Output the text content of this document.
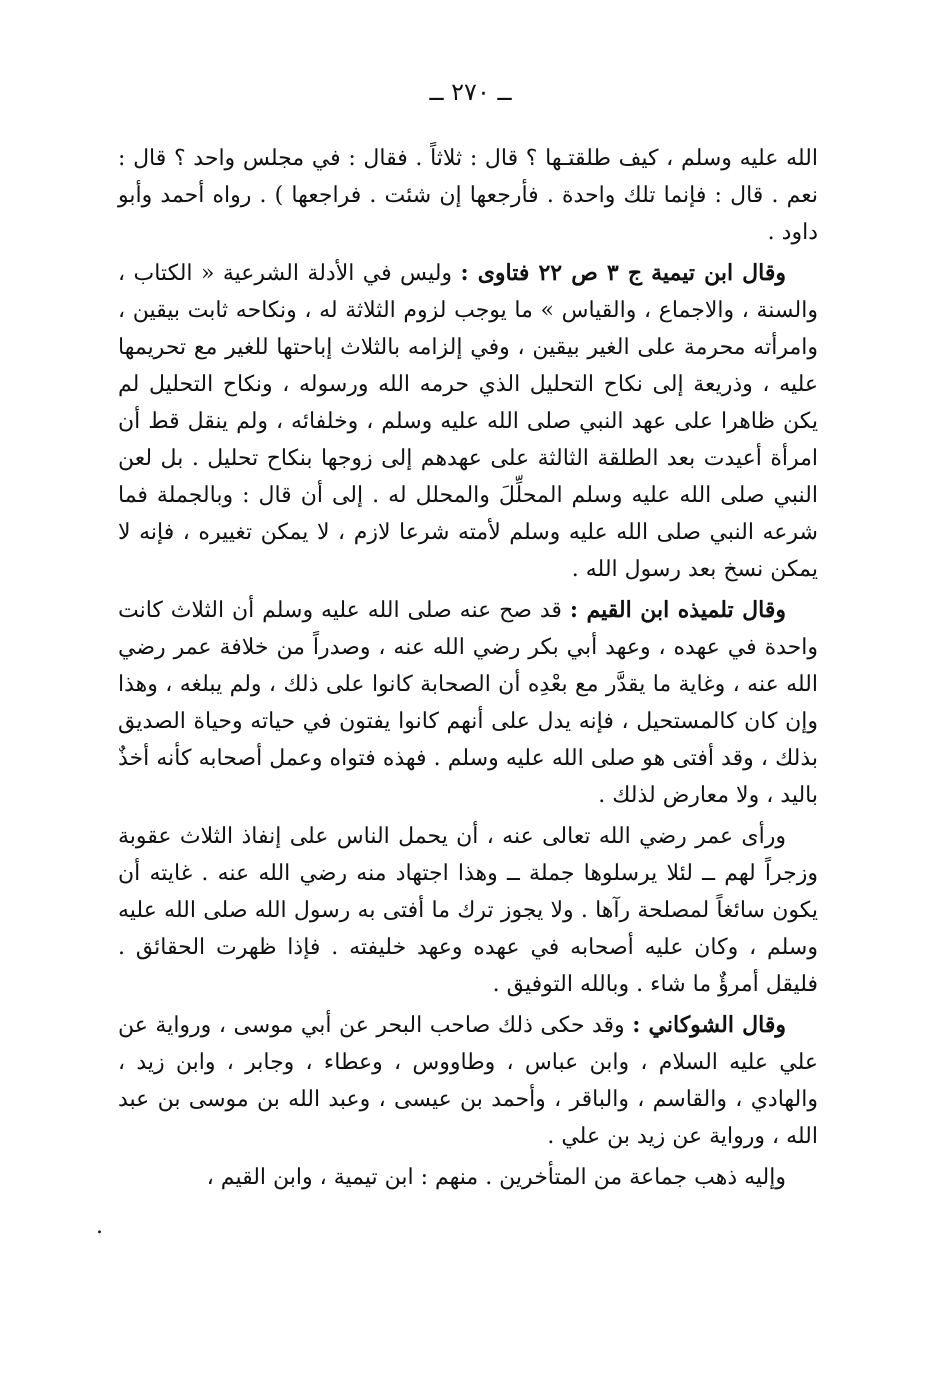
ــ ٢٧٠ ــ

الله عليه وسلم ، كيف طلقتـها ؟ قال : ثلاثاً . فقال : في مجلس واحد ؟ قال : نعم . قال : فإنما تلك واحدة . فأرجعها إن شئت . فراجعها ) . رواه أحمد وأبو داود .

وقال ابن تيمية ج ٣ ص ٢٢ فتاوى : وليس في الأدلة الشرعية « الكتاب ، والسنة ، والاجماع ، والقياس » ما يوجب لزوم الثلاثة له ، ونكاحه ثابت بيقين ، وامرأته محرمة على الغير بيقين ، وفي إلزامه بالثلاث إباحتها للغير مع تحريمها عليه ، وذريعة إلى نكاح التحليل الذي حرمه الله ورسوله ، ونكاح التحليل لم يكن ظاهرا على عهد النبي صلى الله عليه وسلم ، وخلفائه ، ولم ينقل قط أن امرأة أعيدت بعد الطلقة الثالثة على عهدهم إلى زوجها بنكاح تحليل . بل لعن النبي صلى الله عليه وسلم المحلِّلَ والمحلل له . إلى أن قال : وبالجملة فما شرعه النبي صلى الله عليه وسلم لأمته شرعا لازم ، لا يمكن تغييره ، فإنه لا يمكن نسخ بعد رسول الله .

وقال تلميذه ابن القيم : قد صح عنه صلى الله عليه وسلم أن الثلاث كانت واحدة في عهده ، وعهد أبي بكر رضي الله عنه ، وصدراً من خلافة عمر رضي الله عنه ، وغاية ما يقدَّر مع بعْدِه أن الصحابة كانوا على ذلك ، ولم يبلغه ، وهذا وإن كان كالمستحيل ، فإنه يدل على أنهم كانوا يفتون في حياته وحياة الصديق بذلك ، وقد أفتى هو صلى الله عليه وسلم . فهذه فتواه وعمل أصحابه كأنه أخذٌ باليد ، ولا معارض لذلك .

ورأى عمر رضي الله تعالى عنه ، أن يحمل الناس على إنفاذ الثلاث عقوبة وزجراً لهم ــ لئلا يرسلوها جملة ــ وهذا اجتهاد منه رضي الله عنه . غايته أن يكون سائغاً لمصلحة رآها . ولا يجوز ترك ما أفتى به رسول الله صلى الله عليه وسلم ، وكان عليه أصحابه في عهده وعهد خليفته . فإذا ظهرت الحقائق . فليقل أمرؤٌ ما شاء . وبالله التوفيق .

وقال الشوكاني : وقد حكى ذلك صاحب البحر عن أبي موسى ، ورواية عن علي عليه السلام ، وابن عباس ، وطاووس ، وعطاء ، وجابر ، وابن زيد ، والهادي ، والقاسم ، والباقر ، وأحمد بن عيسى ، وعبد الله بن موسى بن عبد الله ، ورواية عن زيد بن علي .

وإليه ذهب جماعة من المتأخرين . منهم : ابن تيمية ، وابن القيم ،

.
